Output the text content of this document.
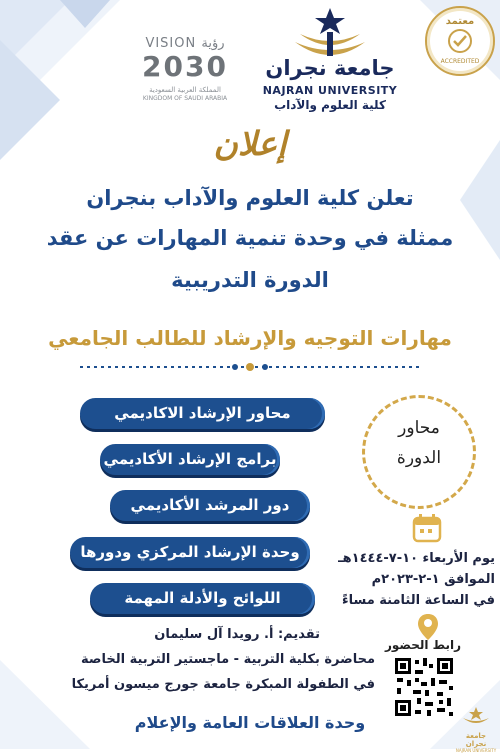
معتمد
ACCREDITED
جامعة نجران
NAJRAN UNIVERSITY
كلية العلوم والآداب
VISION رؤية
2030
المملكة العربية السعودية
KINGDOM OF SAUDI ARABIA
إعلان
تعلن كلية العلوم والآداب بنجران
ممثلة في وحدة تنمية المهارات عن عقد
الدورة التدريبية
مهارات التوجيه والإرشاد للطالب الجامعي
محاور الإرشاد الاكاديمي
برامج الإرشاد الأكاديمي
دور المرشد الأكاديمي
وحدة الإرشاد المركزي ودورها
اللوائح والأدلة المهمة
محاور
الدورة
يوم الأربعاء ١٠-٧-١٤٤٤هـ
الموافق ١-٢-٢٠٢٣م
في الساعة الثامنة مساءً
تقديم: أ. رويدا آل سليمان
محاضرة بكلية التربية - ماجستير التربية الخاصة
في الطفولة المبكرة جامعة جورج ميسون أمريكا
رابط الحضور
وحدة العلاقات العامة والإعلام
جامعة نجران
NAJRAN UNIVERSITY
